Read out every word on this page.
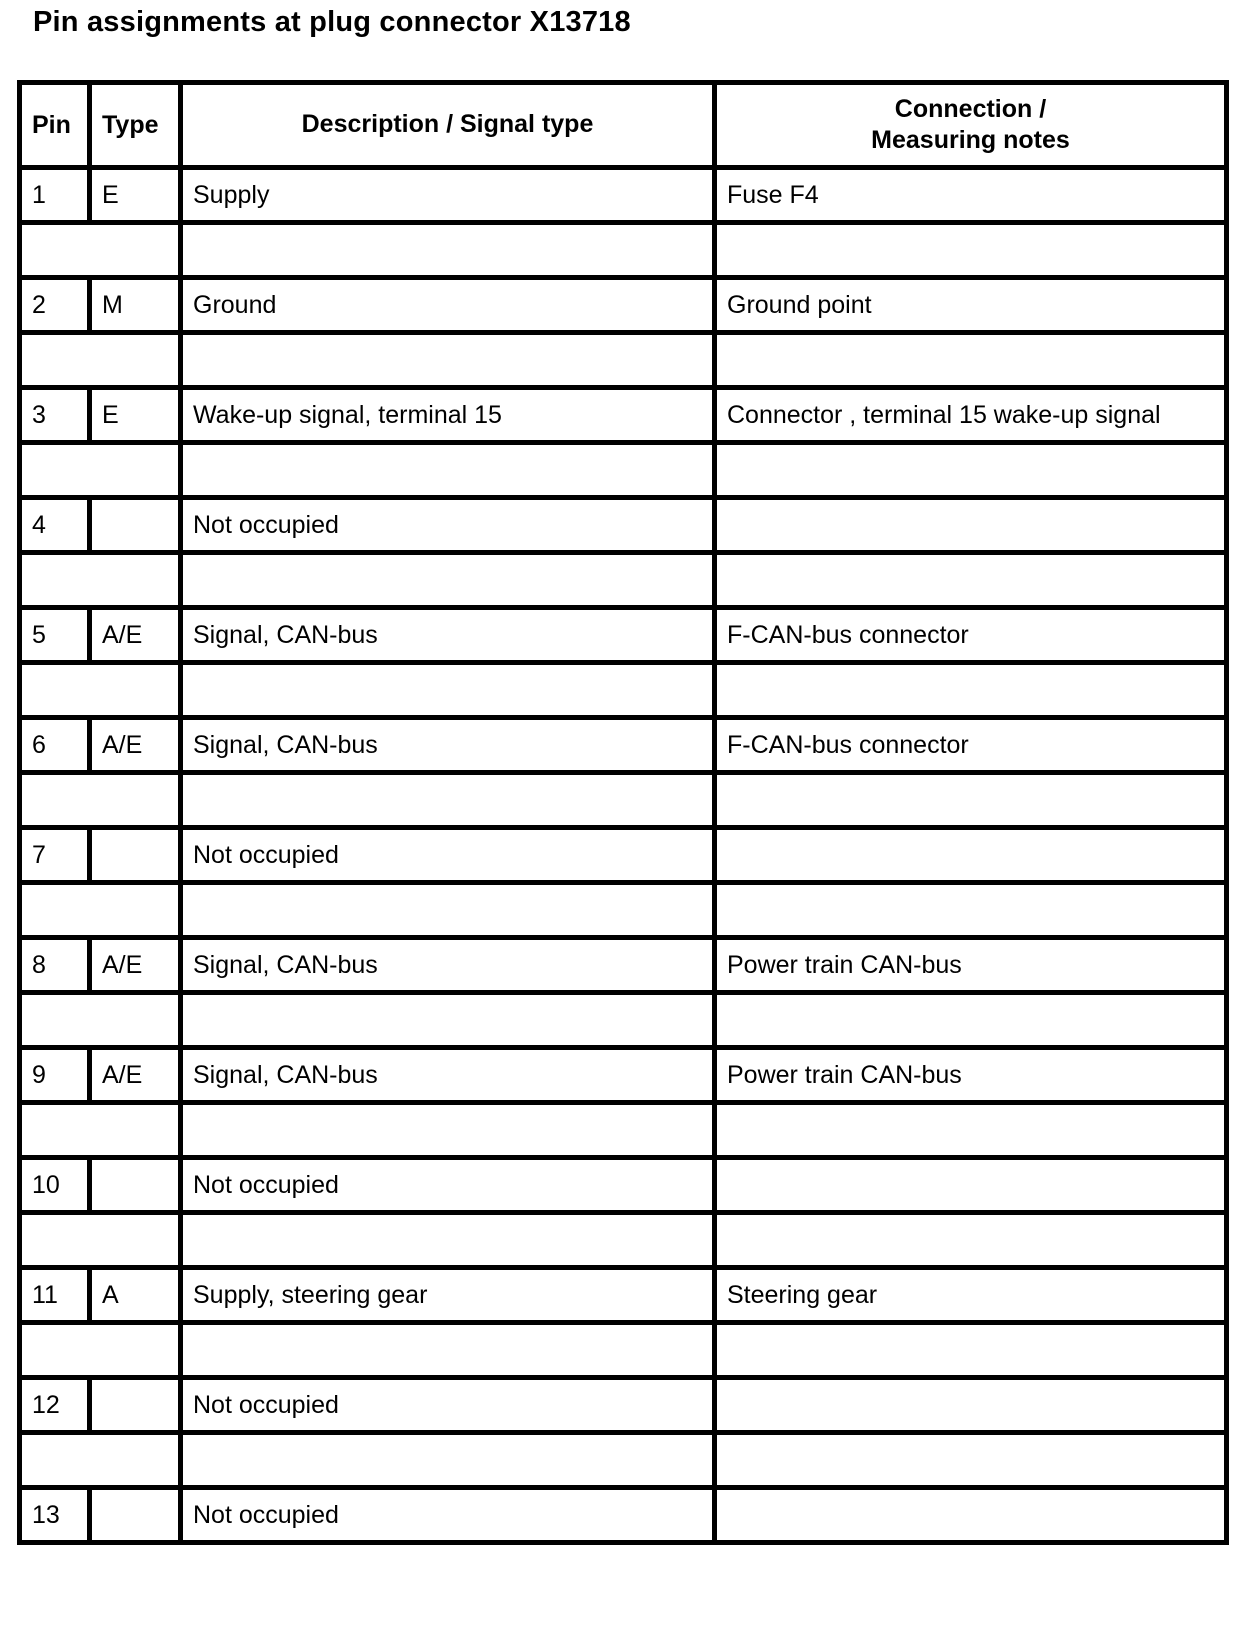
Pin assignments at plug connector X13718
Pin	Type	Description / Signal type	Connection /
Measuring notes
1	E	Supply	Fuse F4

2	M	Ground	Ground point

3	E	Wake-up signal, terminal 15	Connector , terminal 15 wake-up signal

4		Not occupied	

5	A/E	Signal, CAN-bus	F-CAN-bus connector

6	A/E	Signal, CAN-bus	F-CAN-bus connector

7		Not occupied	

8	A/E	Signal, CAN-bus	Power train CAN-bus

9	A/E	Signal, CAN-bus	Power train CAN-bus

10		Not occupied	

11	A	Supply, steering gear	Steering gear

12		Not occupied	

13		Not occupied	
